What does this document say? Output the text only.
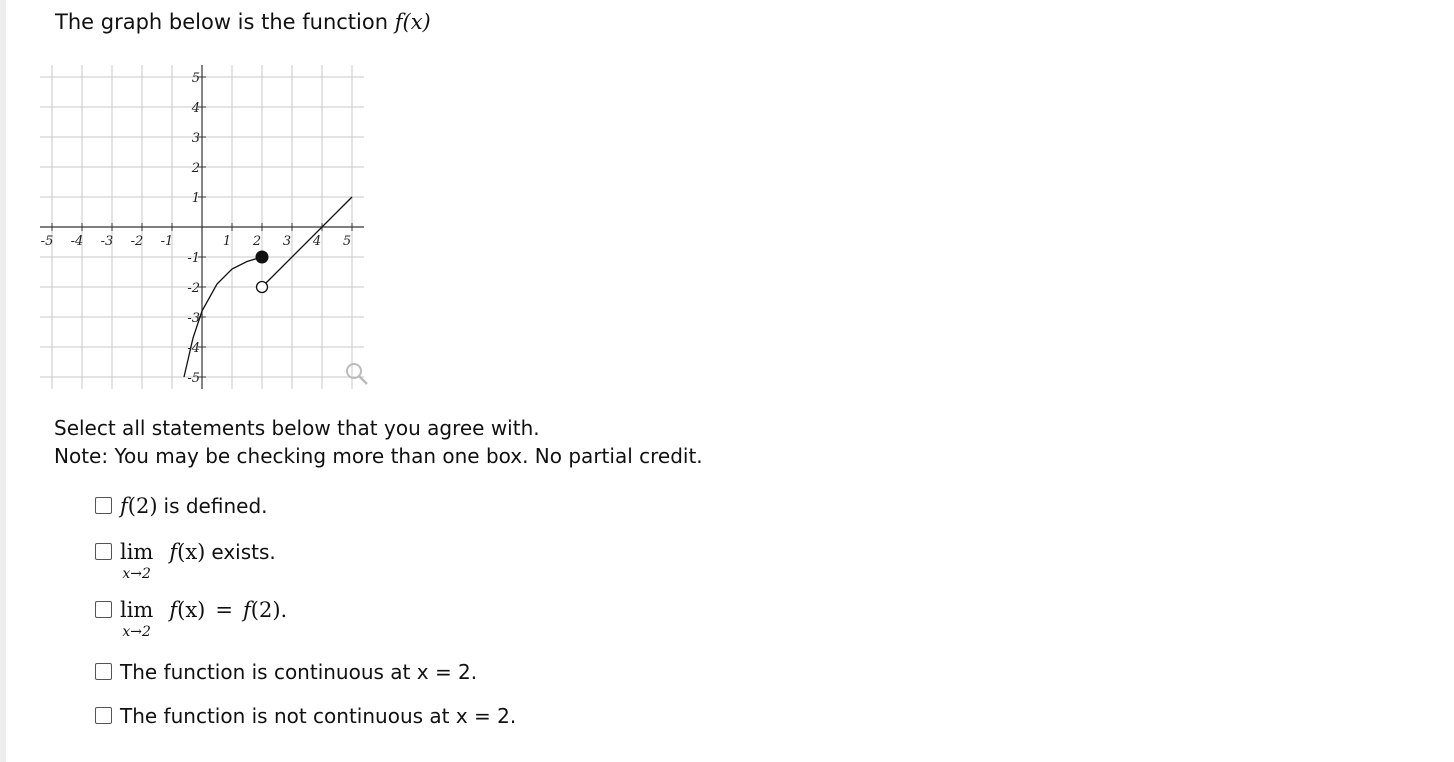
The graph below is the function f(x)
-5 -4 -3 -2 -1	1 2 3 4 5
5
4
3
2
1
-1
-2
-3
-4
-5
Select all statements below that you agree with.
Note: You may be checking more than one box. No partial credit.
f (2) is defined.
lim
x→2
f (x) exists.
lim
x→2
f (x) = f (2).
The function is continuous at x = 2.
The function is not continuous at x = 2.
